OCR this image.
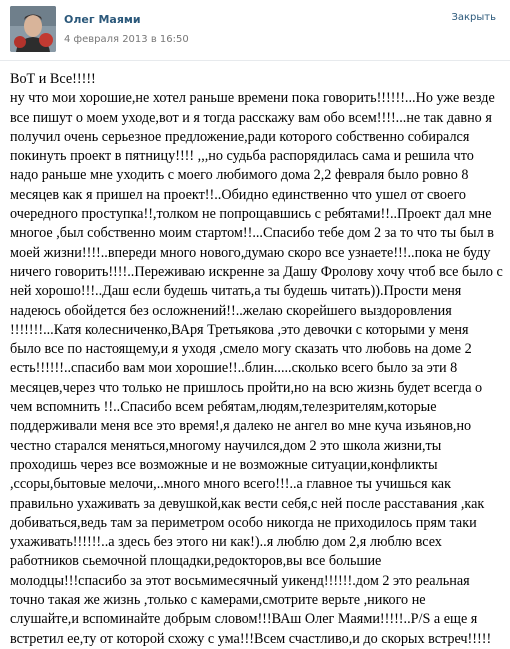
Олег Маями
4 февраля 2013 в 16:50
Закрыть
ВоТ и Все!!!!!
ну что мои хорошие,не хотел раньше времени пока говорить!!!!!!...Но уже везде
все пишут о моем уходе,вот и я тогда расскажу вам обо всем!!!!...не так давно я
получил очень серьезное предложение,ради которого собственно собирался
покинуть проект в пятницу!!!! ,,,но судьба распорядилась сама и решила что
надо раньше мне уходить с моего любимого дома 2,2 февраля было ровно 8
месяцев как я пришел на проект!!..Обидно единственно что ушел от своего
очередного проступка!!,толком не попрощавшись с ребятами!!..Проект дал мне
многое ,был собственно моим стартом!!...Спасибо тебе дом 2 за то что ты был в
моей жизни!!!!..впереди много нового,думаю скоро все узнаете!!!..пока не буду
ничего говорить!!!!..Переживаю искренне за Дашу Фролову хочу чтоб все было с
ней хорошо!!!..Даш если будешь читать,а ты будешь читать)).Прости меня
надеюсь обойдется без осложнений!!..желаю скорейшего выздоровления
!!!!!!!...Катя колесниченко,ВАря Третьякова ,это девочки с которыми у меня
было все по настоящему,и я уходя ,смело могу сказать что любовь на доме 2
есть!!!!!!..спасибо вам мои хорошие!!..блин.....сколько всего было за эти 8
месяцев,через что только не пришлось пройти,но на всю жизнь будет всегда о
чем вспомнить !!..Спасибо всем ребятам,людям,телезрителям,которые
поддерживали меня все это время!,я далеко не ангел во мне куча изьянов,но
честно старался меняться,многому научился,дом 2 это школа жизни,ты
проходишь через все возможные и не возможные ситуации,конфликты
,ссоры,бытовые мелочи,..много много всего!!!..а главное ты учишься как
правильно ухаживать за девушкой,как вести себя,с ней после расставания ,как
добиваться,ведь там за периметром особо никогда не приходилось прям таки
ухаживать!!!!!!..а здесь без этого ни как!)..я люблю дом 2,я люблю всех
работников сьемочной площадки,редокторов,вы все большие
молодцы!!!спасибо за этот восьмимесячный уикенд!!!!!!.дом 2 это реальная
точно такая же жизнь ,только с камерами,смотрите верьте ,никого не
слушайте,и вспоминайте добрым словом!!!ВАш Олег Маями!!!!!..P/S а еще я
встретил ее,ту от которой схожу с ума!!!Всем счастливо,и до скорых встреч!!!!!
